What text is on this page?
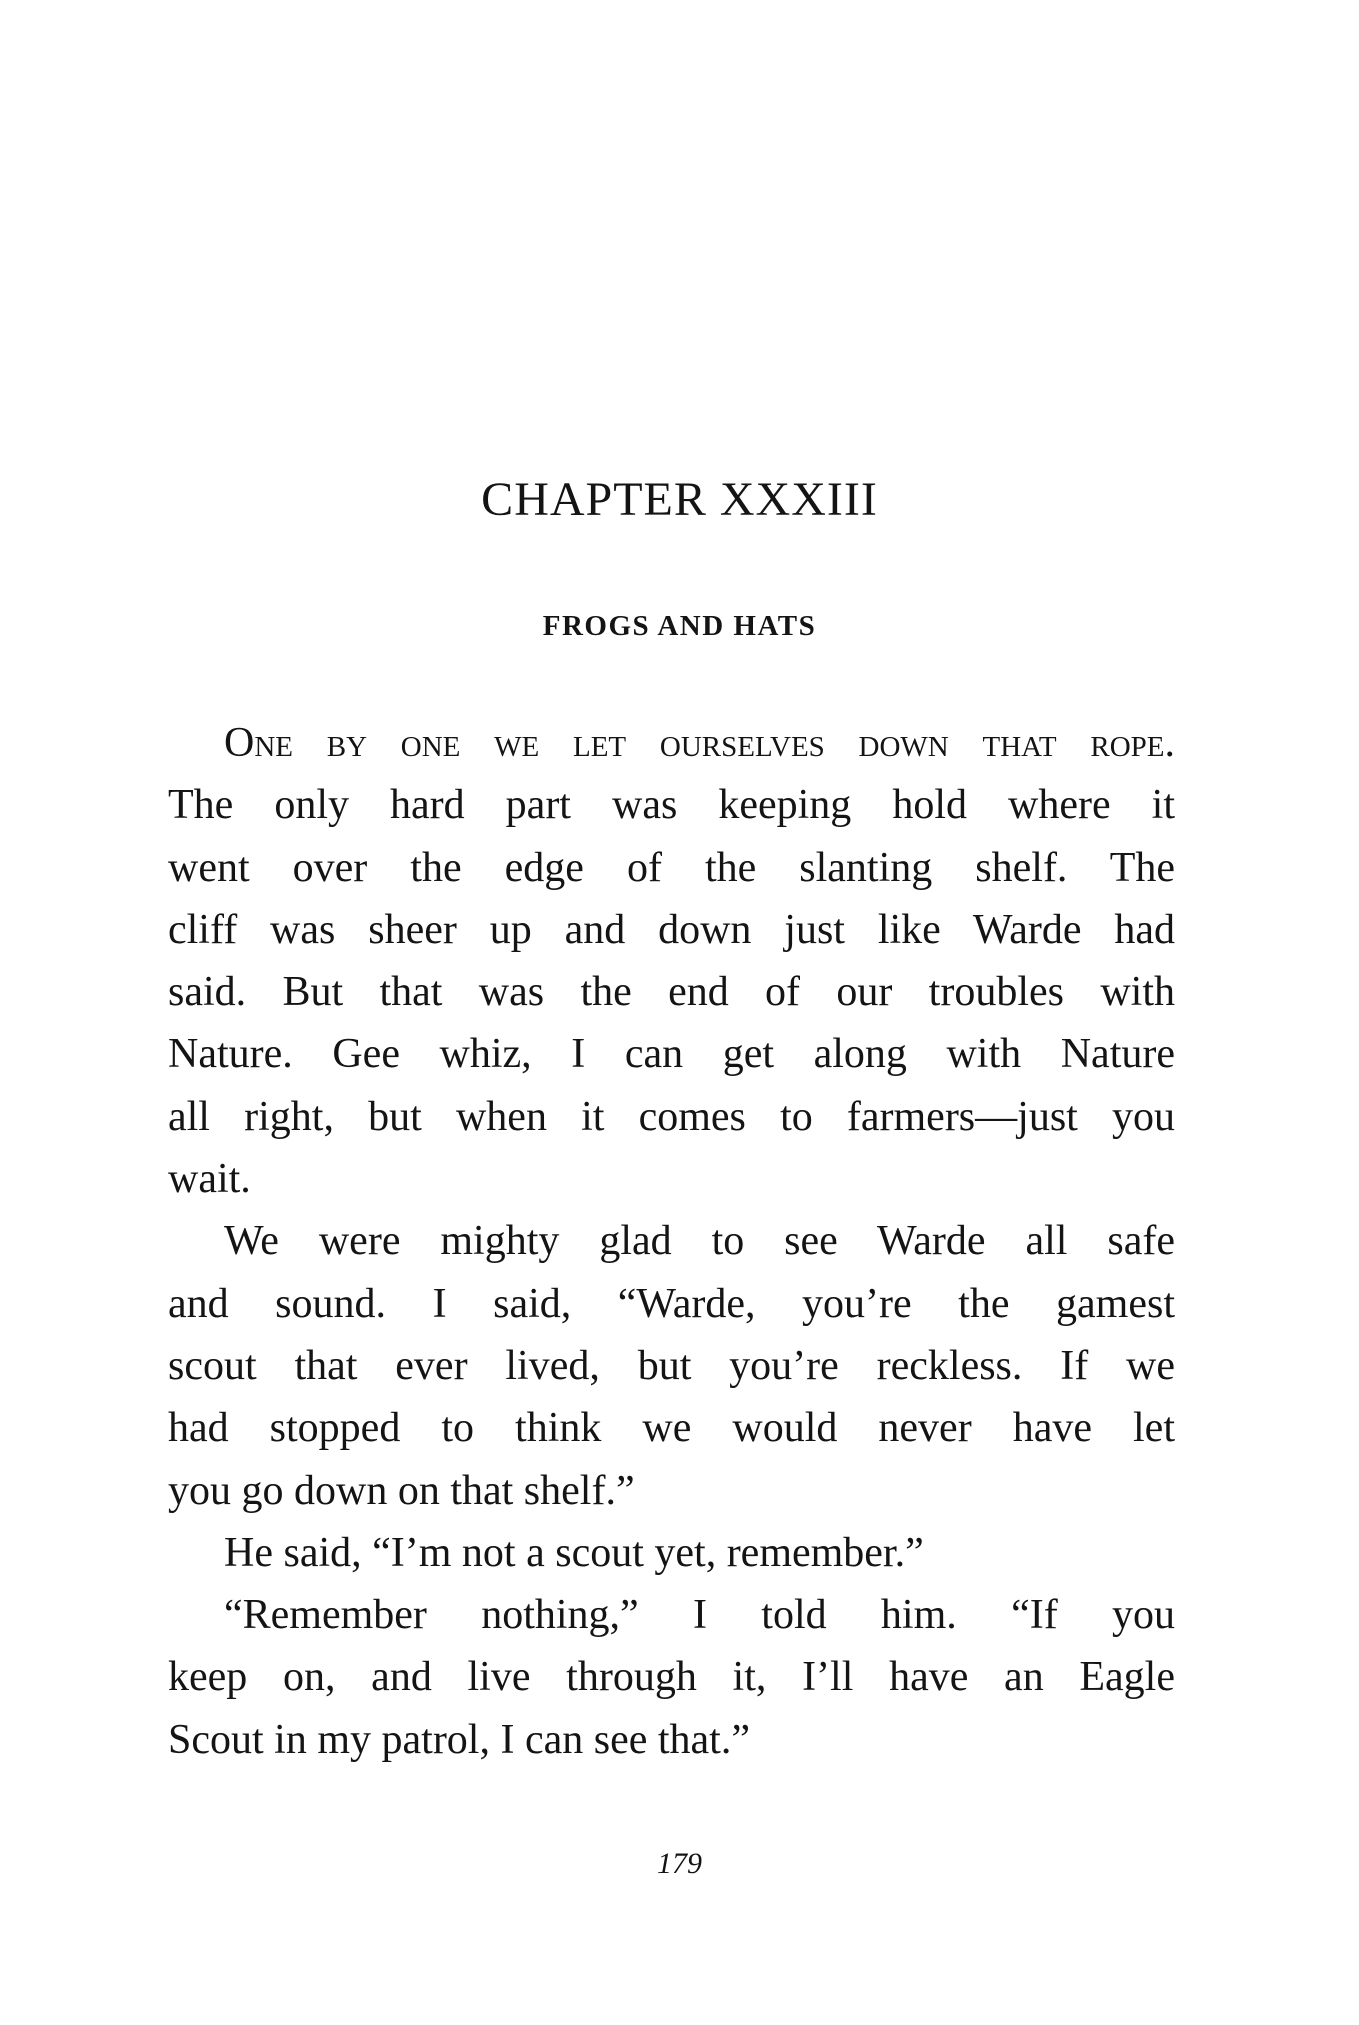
CHAPTER XXXIII
FROGS AND HATS
One by one we let ourselves down that rope.
The only hard part was keeping hold where it
went over the edge of the slanting shelf. The
cliff was sheer up and down just like Warde had
said. But that was the end of our troubles with
Nature. Gee whiz, I can get along with Nature
all right, but when it comes to farmers—just you
wait.
We were mighty glad to see Warde all safe
and sound. I said, “Warde, you’re the gamest
scout that ever lived, but you’re reckless. If we
had stopped to think we would never have let
you go down on that shelf.”
He said, “I’m not a scout yet, remember.”
“Remember nothing,” I told him. “If you
keep on, and live through it, I’ll have an Eagle
Scout in my patrol, I can see that.”

179
